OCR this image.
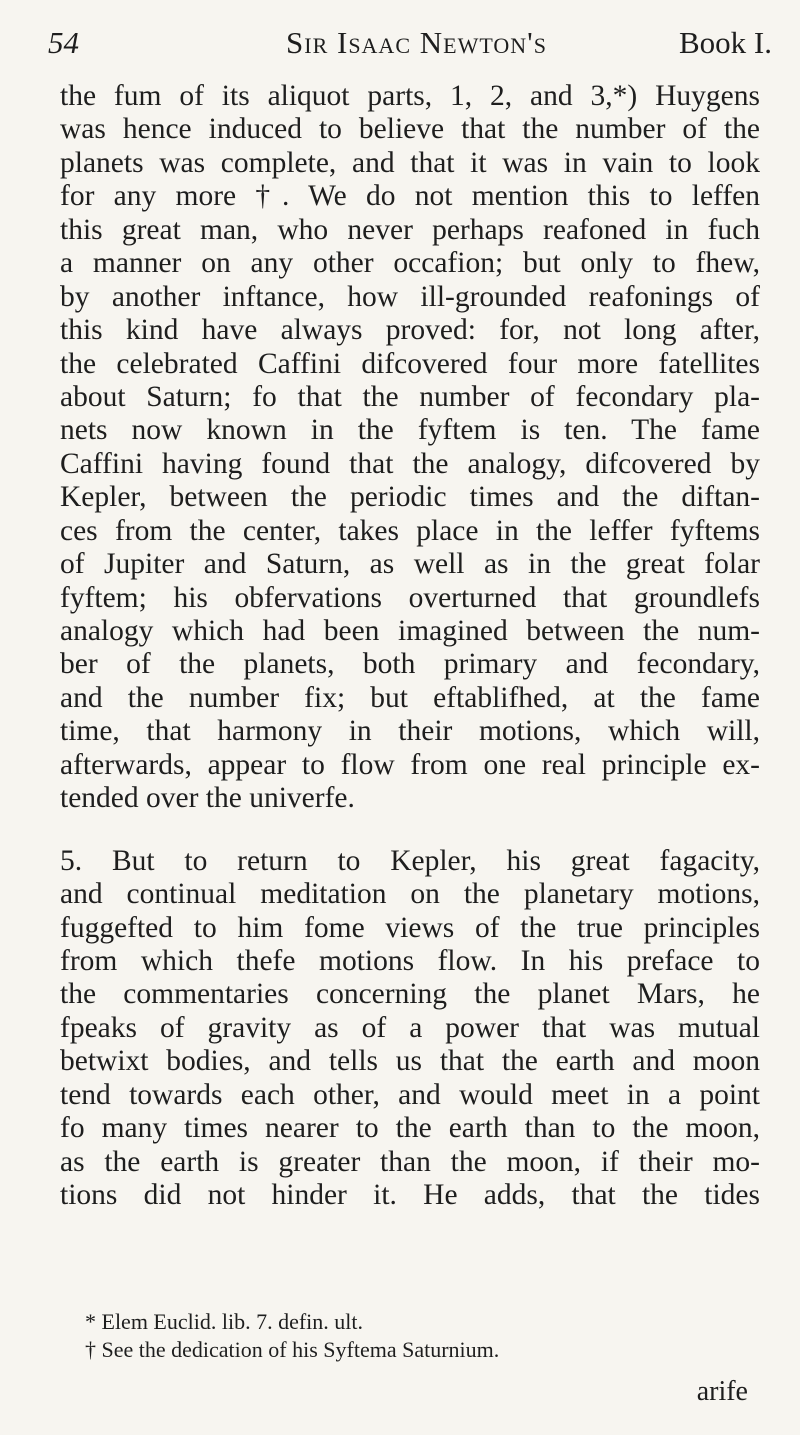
54	Sir Isaac Newton's	Book I.
the fum of its aliquot parts, 1, 2, and 3,*) Huygens
was hence induced to believe that the number of the
planets was complete, and that it was in vain to look
for any more †. We do not mention this to leffen
this great man, who never perhaps reafoned in fuch
a manner on any other occafion; but only to fhew,
by another inftance, how ill-grounded reafonings of
this kind have always proved: for, not long after,
the celebrated Caffini difcovered four more fatellites
about Saturn; fo that the number of fecondary pla-
nets now known in the fyftem is ten. The fame
Caffini having found that the analogy, difcovered by
Kepler, between the periodic times and the diftan-
ces from the center, takes place in the leffer fyftems
of Jupiter and Saturn, as well as in the great folar
fyftem; his obfervations overturned that groundlefs
analogy which had been imagined between the num-
ber of the planets, both primary and fecondary,
and the number fix; but eftablifhed, at the fame
time, that harmony in their motions, which will,
afterwards, appear to flow from one real principle ex-
tended over the univerfe.
5. But to return to Kepler, his great fagacity,
and continual meditation on the planetary motions,
fuggefted to him fome views of the true principles
from which thefe motions flow. In his preface to
the commentaries concerning the planet Mars, he
fpeaks of gravity as of a power that was mutual
betwixt bodies, and tells us that the earth and moon
tend towards each other, and would meet in a point
fo many times nearer to the earth than to the moon,
as the earth is greater than the moon, if their mo-
tions did not hinder it. He adds, that the tides
* Elem Euclid. lib. 7. defin. ult.
† See the dedication of his Syftema Saturnium.
arife
